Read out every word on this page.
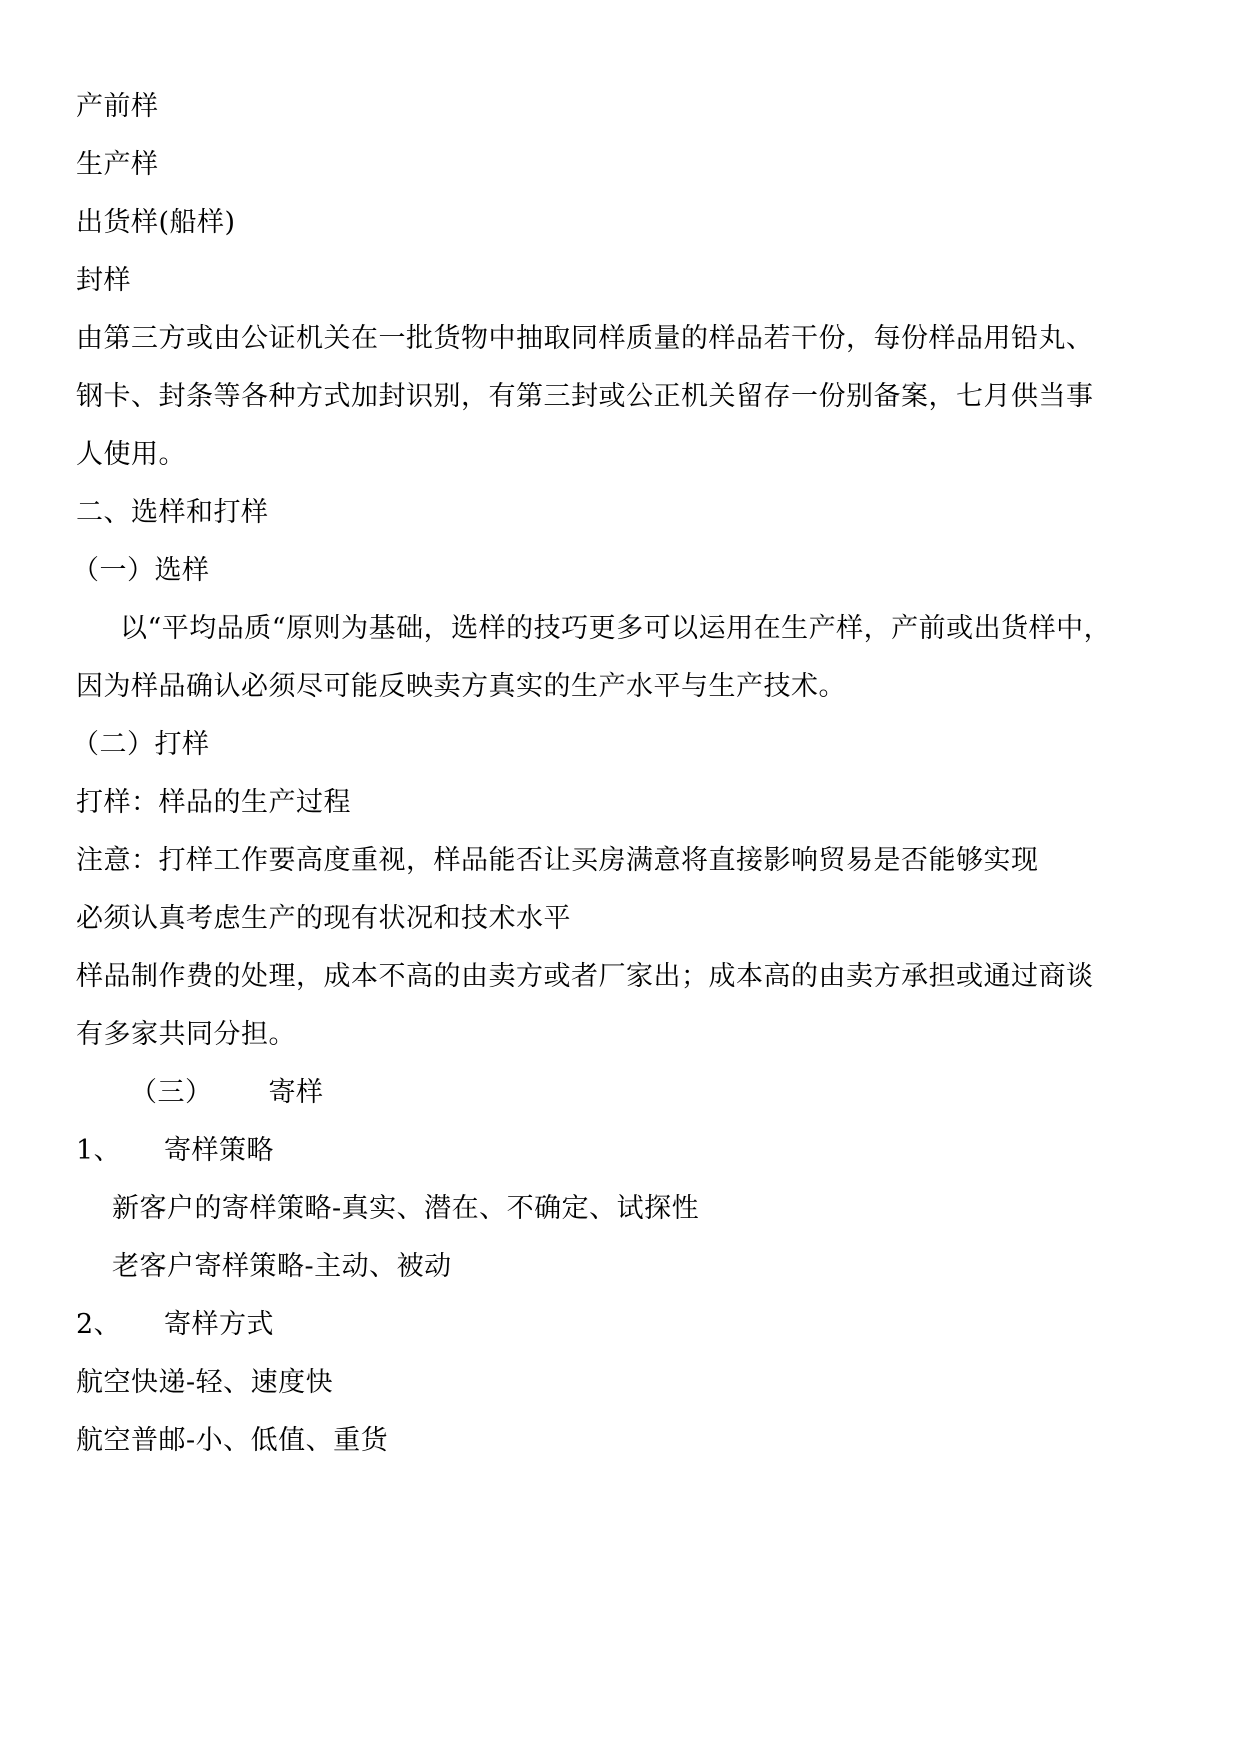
产前样
生产样
出货样(船样)
封样
由第三方或由公证机关在一批货物中抽取同样质量的样品若干份，每份样品用铅丸、
钢卡、封条等各种方式加封识别，有第三封或公正机关留存一份别备案，七月供当事
人使用。
二、选样和打样
（一）选样
以“平均品质“原则为基础，选样的技巧更多可以运用在生产样，产前或出货样中，
因为样品确认必须尽可能反映卖方真实的生产水平与生产技术。
（二）打样
打样：样品的生产过程
注意：打样工作要高度重视，样品能否让买房满意将直接影响贸易是否能够实现
必须认真考虑生产的现有状况和技术水平
样品制作费的处理，成本不高的由卖方或者厂家出；成本高的由卖方承担或通过商谈
有多家共同分担。
（三） 寄样
1、 寄样策略
新客户的寄样策略-真实、潜在、不确定、试探性
老客户寄样策略-主动、被动
2、 寄样方式
航空快递-轻、速度快
航空普邮-小、低值、重货
